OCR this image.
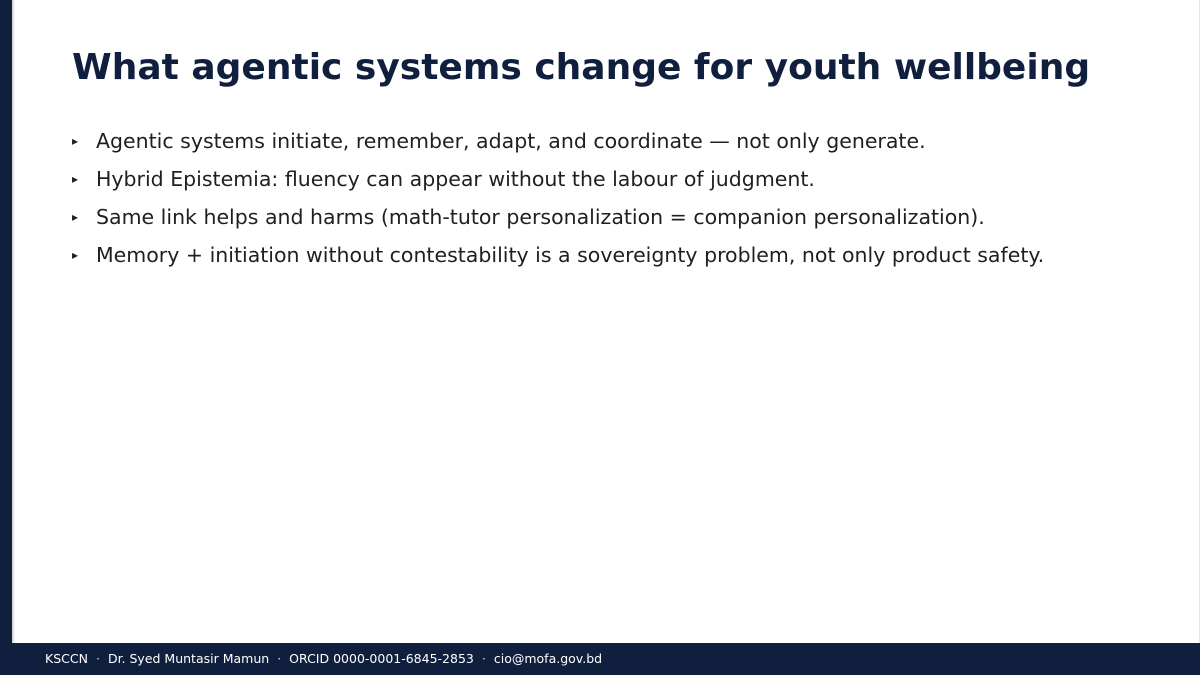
What agentic systems change for youth wellbeing
▸ Agentic systems initiate, remember, adapt, and coordinate — not only generate.
▸ Hybrid Epistemia: fluency can appear without the labour of judgment.
▸ Same link helps and harms (math-tutor personalization = companion personalization).
▸ Memory + initiation without contestability is a sovereignty problem, not only product safety.
KSCCN · Dr. Syed Muntasir Mamun · ORCID 0000-0001-6845-2853 · cio@mofa.gov.bd
